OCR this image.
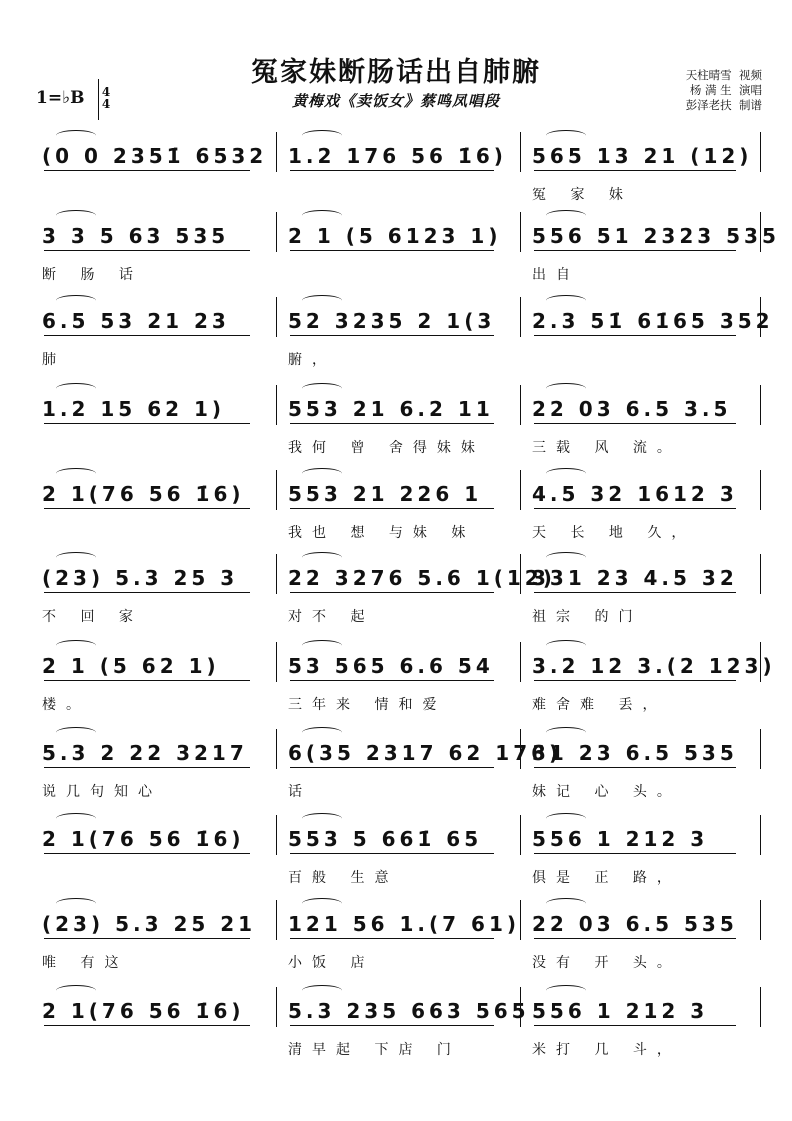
冤家妹断肠话出自肺腑
黄梅戏《卖饭女》蔡鸣凤唱段
天柱晴雪  视频
杨 满 生  演唱
彭泽老扶  制谱
1=♭B	4
4
(0 0 2351̇ 6532 1.2 176 56 1̇6)	565 13 21 (12)
冤 家 妹
3 3 5 63 535	2 1 (5 6123 1)	556 51 2323 535
断 肠 话	出自
6.5 53 21 23	52 3235 2 1(3	2.3 51̇ 61̇65 352
肺	腑，
1.2 15 62 1)	553 21 6.2 11	22 03 6.5 3.5
我何 曾 舍得妹妹	三载 风 流。
2 1(76 56 1̇6)	553 21 226 1	4.5 32 1612 3
我也 想 与妹 妹	天 长 地 久，
(23) 5.3 25 3	22 3276 5.6 1(12)
331 23 4.5 32
不 回 家	对不 起	祖宗 的门
2 1 (5 62 1)	53 565 6.6 54	3.2 12 3.(2 123)
楼。	三年来 情和爱	难舍难 丢，
5.3 2 22 3217	6(35 2317 62 176)
31 23 6.5 535
说几句知心	话	妹记 心 头。
2 1(76 56 1̇6)	553 5 661̇ 65	556 1 212 3
百般 生意	俱是 正 路，
(23) 5.3 25 21	121 56 1.(7 61) 22 03 6.5 535
唯 有这	小饭 店	没有 开 头。
2 1(76 56 1̇6)	5.3 235 663 565 556 1 212 3
清早起 下店 门	米打 几 斗，
